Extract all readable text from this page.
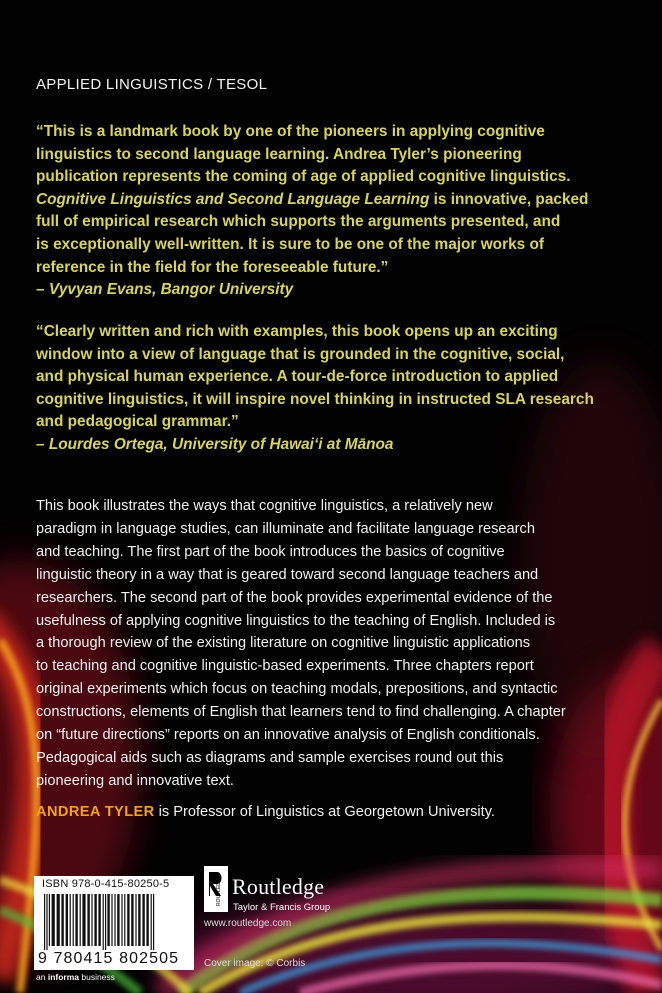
APPLIED LINGUISTICS / TESOL
“This is a landmark book by one of the pioneers in applying cognitive
linguistics to second language learning. Andrea Tyler’s pioneering
publication represents the coming of age of applied cognitive linguistics.
Cognitive Linguistics and Second Language Learning is innovative, packed
full of empirical research which supports the arguments presented, and
is exceptionally well-written. It is sure to be one of the major works of
reference in the field for the foreseeable future.”
– Vyvyan Evans, Bangor University
“Clearly written and rich with examples, this book opens up an exciting
window into a view of language that is grounded in the cognitive, social,
and physical human experience. A tour-de-force introduction to applied
cognitive linguistics, it will inspire novel thinking in instructed SLA research
and pedagogical grammar.”
– Lourdes Ortega, University of Hawai‘i at Mānoa
This book illustrates the ways that cognitive linguistics, a relatively new
paradigm in language studies, can illuminate and facilitate language research
and teaching. The first part of the book introduces the basics of cognitive
linguistic theory in a way that is geared toward second language teachers and
researchers. The second part of the book provides experimental evidence of the
usefulness of applying cognitive linguistics to the teaching of English. Included is
a thorough review of the existing literature on cognitive linguistic applications
to teaching and cognitive linguistic-based experiments. Three chapters report
original experiments which focus on teaching modals, prepositions, and syntactic
constructions, elements of English that learners tend to find challenging. A chapter
on “future directions” reports on an innovative analysis of English conditionals.
Pedagogical aids such as diagrams and sample exercises round out this
pioneering and innovative text.
ANDREA TYLER is Professor of Linguistics at Georgetown University.
ISBN 978-0-415-80250-5
9 780415 802505
an informa business
ROUTLEDGE Routledge
Taylor & Francis Group
www.routledge.com
Cover image: © Corbis
